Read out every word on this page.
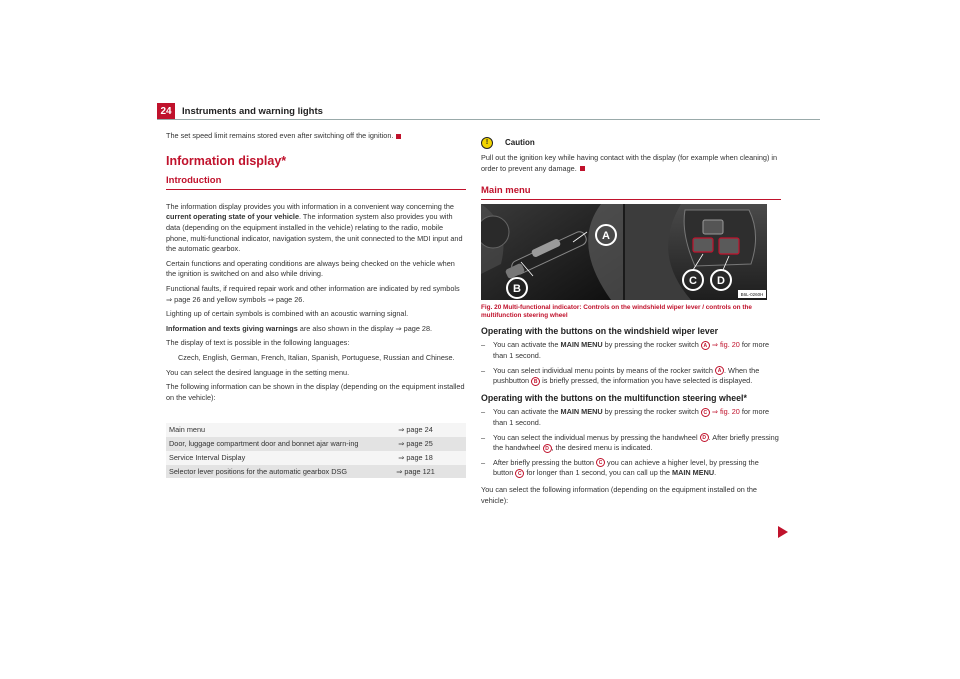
24	Instruments and warning lights

The set speed limit remains stored even after switching off the ignition.

Information display*
Introduction

The information display provides you with information in a convenient way concerning the current operating state of your vehicle. The information system also provides you with data (depending on the equipment installed in the vehicle) relating to the radio, mobile phone, multi-functional indicator, navigation system, the unit connected to the MDI input and the automatic gearbox.

Certain functions and operating conditions are always being checked on the vehicle when the ignition is switched on and also while driving.

Functional faults, if required repair work and other information are indicated by red symbols ⇒ page 26 and yellow symbols ⇒ page 26.

Lighting up of certain symbols is combined with an acoustic warning signal.

Information and texts giving warnings are also shown in the display ⇒ page 28.

The display of text is possible in the following languages:

Czech, English, German, French, Italian, Spanish, Portuguese, Russian and Chinese.

You can select the desired language in the setting menu.

The following information can be shown in the display (depending on the equipment installed on the vehicle):

Main menu	⇒ page 24
Door, luggage compartment door and bonnet ajar warn-ing	⇒ page 25
Service Interval Display	⇒ page 18
Selector lever positions for the automatic gearbox DSG	⇒ page 121
!	Caution

Pull out the ignition key while having contact with the display (for example when cleaning) in order to prevent any damage.

Main menu
A
B
C D
B6L-0260H
Fig. 20 Multi-functional indicator: Controls on the windshield wiper lever / controls on the multifunction steering wheel
Operating with the buttons on the windshield wiper lever
– You can activate the MAIN MENU by pressing the rocker switch A ⇒ fig. 20 for more than 1 second.
– You can select individual menu points by means of the rocker switch A . When the pushbutton B is briefly pressed, the information you have selected is displayed.
Operating with the buttons on the multifunction steering wheel*
– You can activate the MAIN MENU by pressing the rocker switch C ⇒ fig. 20 for more than 1 second.
– You can select the individual menus by pressing the handwheel D . After briefly pressing the handwheel D , the desired menu is indicated.
– After briefly pressing the button C you can achieve a higher level, by pressing the button C for longer than 1 second, you can call up the MAIN MENU.

You can select the following information (depending on the equipment installed on the vehicle):
